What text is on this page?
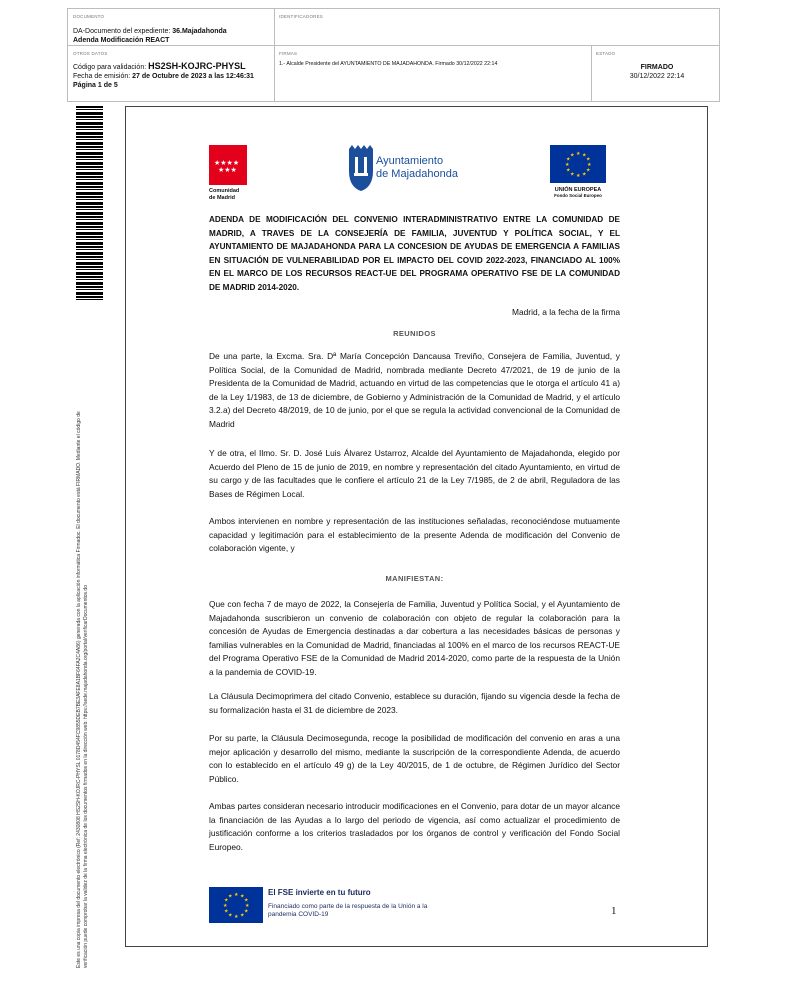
DOCUMENTO
DA-Documento del expediente: 36.Majadahonda
Adenda Modificación REACT
IDENTIFICADORES
OTROS DATOS
Código para validación: HS2SH-KOJRC-PHYSL
Fecha de emisión: 27 de Octubre de 2023 a las 12:46:31
Página 1 de 5
FIRMAS
1.- Alcalde Presidente del AYUNTAMIENTO DE MAJADAHONDA. Firmado 30/12/2022 22:14
ESTADO
FIRMADO
30/12/2022 22:14
Este es una copia impresa del documento electrónico (Ref: 2430808 HS2SH-KOJRC-PHYSL 0178D454FC9855DEB7BE3AFE8A1BF64FA2C4A86) generada con la aplicación informática Firmadoc. El documento está FIRMADO. Mediante el código de verificación puede comprobar la validez de la firma electrónica de los documentos firmados en la dirección web: https://sede.majadahonda.org/portal/verificarDocumentos.do
★★★★
★★★
Comunidad
de Madrid
Ayuntamiento
de Majadahonda
★ ★
★
★
★
★
★
★
★
★
★
★
UNIÓN EUROPEA
Fondo Social Europeo
ADENDA DE MODIFICACIÓN DEL CONVENIO INTERADMINISTRATIVO ENTRE LA COMUNIDAD DE MADRID, A TRAVES DE LA CONSEJERÍA DE FAMILIA, JUVENTUD Y POLÍTICA SOCIAL, Y EL AYUNTAMIENTO DE MAJADAHONDA PARA LA CONCESION DE AYUDAS DE EMERGENCIA A FAMILIAS EN SITUACIÓN DE VULNERABILIDAD POR EL IMPACTO DEL COVID 2022-2023, FINANCIADO AL 100% EN EL MARCO DE LOS RECURSOS REACT-UE DEL PROGRAMA OPERATIVO FSE DE LA COMUNIDAD DE MADRID 2014-2020.
Madrid, a la fecha de la firma
REUNIDOS
De una parte, la Excma. Sra. Dª María Concepción Dancausa Treviño, Consejera de Familia, Juventud, y Política Social, de la Comunidad de Madrid, nombrada mediante Decreto 47/2021, de 19 de junio de la Presidenta de la Comunidad de Madrid, actuando en virtud de las competencias que le otorga el artículo 41 a) de la Ley 1/1983, de 13 de diciembre, de Gobierno y Administración de la Comunidad de Madrid, y el artículo 3.2.a) del Decreto 48/2019, de 10 de junio, por el que se regula la actividad convencional de la Comunidad de Madrid
Y de otra, el Ilmo. Sr. D. José Luis Álvarez Ustarroz, Alcalde del Ayuntamiento de Majadahonda, elegido por Acuerdo del Pleno de 15 de junio de 2019, en nombre y representación del citado Ayuntamiento, en virtud de su cargo y de las facultades que le confiere el artículo 21 de la Ley 7/1985, de 2 de abril, Reguladora de las Bases de Régimen Local.
Ambos intervienen en nombre y representación de las instituciones señaladas, reconociéndose mutuamente capacidad y legitimación para el establecimiento de la presente Adenda de modificación del Convenio de colaboración vigente, y
MANIFIESTAN:
Que con fecha 7 de mayo de 2022, la Consejería de Familia, Juventud y Política Social, y el Ayuntamiento de Majadahonda suscribieron un convenio de colaboración con objeto de regular la colaboración para la concesión de Ayudas de Emergencia destinadas a dar cobertura a las necesidades básicas de personas y familias vulnerables en la Comunidad de Madrid, financiadas al 100% en el marco de los recursos REACT-UE del Programa Operativo FSE de la Comunidad de Madrid 2014-2020, como parte de la respuesta de la Unión a la pandemia de COVID-19.
La Cláusula Decimoprimera del citado Convenio, establece su duración, fijando su vigencia desde la fecha de su formalización hasta el 31 de diciembre de 2023.
Por su parte, la Cláusula Decimosegunda, recoge la posibilidad de modificación del convenio en aras a una mejor aplicación y desarrollo del mismo, mediante la suscripción de la correspondiente Adenda, de acuerdo con lo establecido en el artículo 49 g) de la Ley 40/2015, de 1 de octubre, de Régimen Jurídico del Sector Público.
Ambas partes consideran necesario introducir modificaciones en el Convenio, para dotar de un mayor alcance la financiación de las Ayudas a lo largo del periodo de vigencia, así como actualizar el procedimiento de justificación conforme a los criterios trasladados por los órganos de control y verificación del Fondo Social Europeo.
★ ★
★
★
★
★
★
★
★
★
★
★	El FSE invierte en tu futuro
Financiado como parte de la respuesta de la Unión a la pandemia COVID-19	1
